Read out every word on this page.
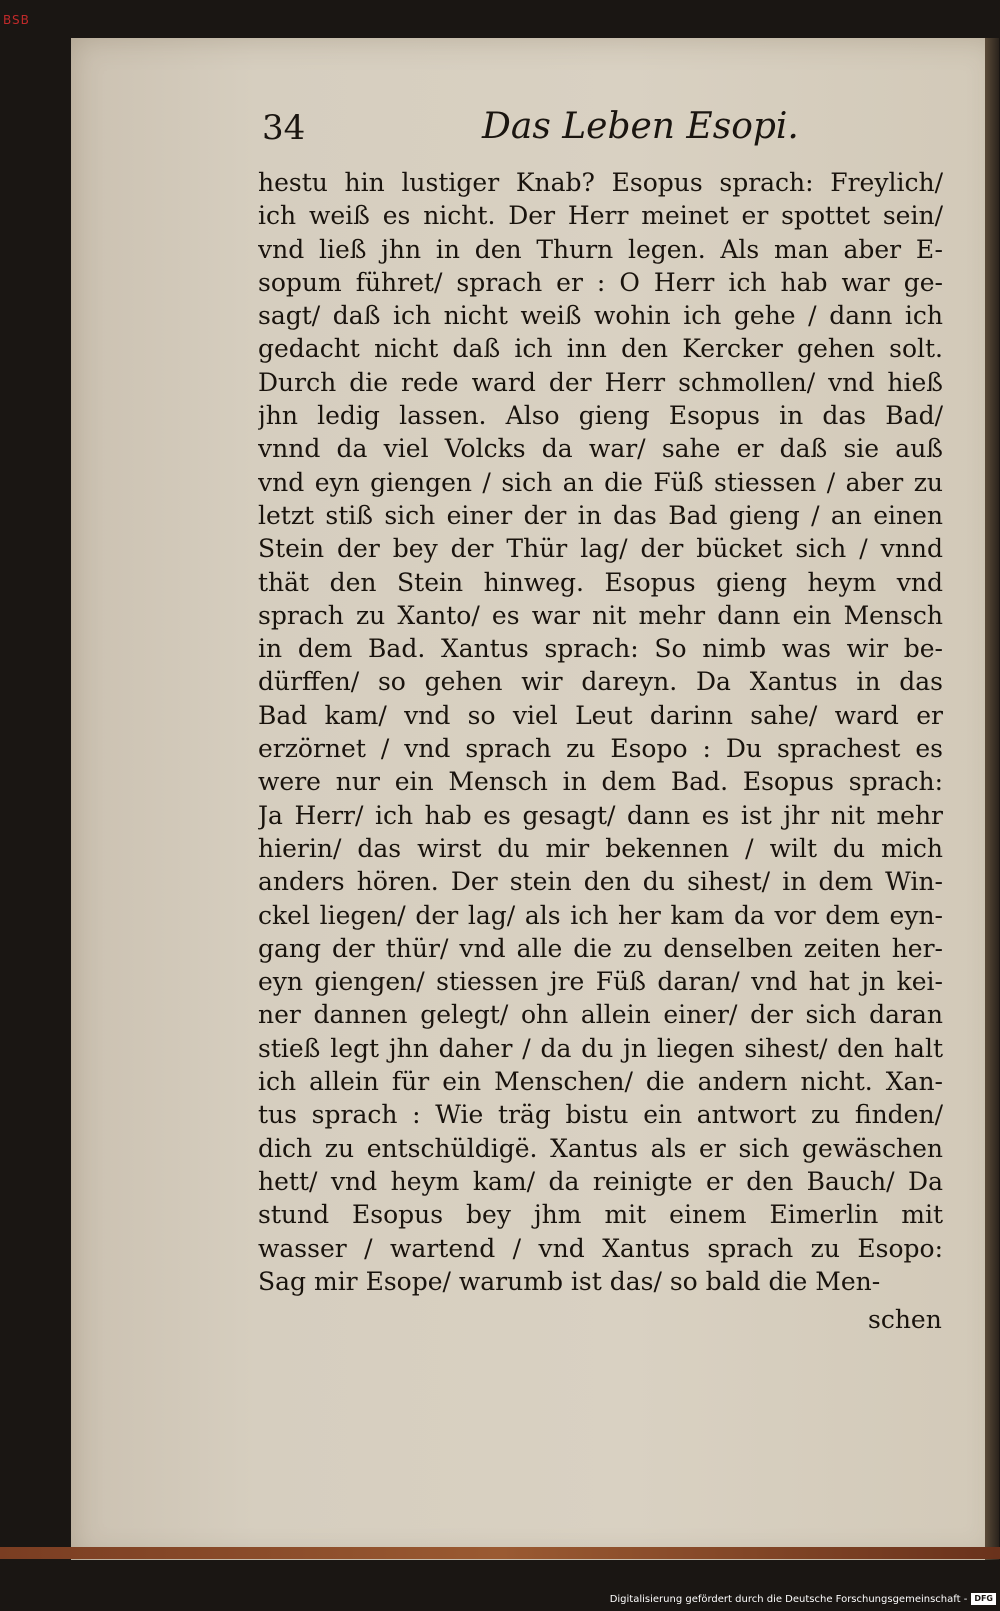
BSB
34	Das Leben Esopi.
hestu hin lustiger Knab? Esopus sprach: Freylich/
ich weiß es nicht. Der Herr meinet er spottet sein/
vnd ließ jhn in den Thurn legen. Als man aber E-
sopum führet/ sprach er : O Herr ich hab war ge-
sagt/ daß ich nicht weiß wohin ich gehe / dann ich
gedacht nicht daß ich inn den Kercker gehen solt.
Durch die rede ward der Herr schmollen/ vnd hieß
jhn ledig lassen. Also gieng Esopus in das Bad/
vnnd da viel Volcks da war/ sahe er daß sie auß
vnd eyn giengen / sich an die Füß stiessen / aber zu
letzt stiß sich einer der in das Bad gieng / an einen
Stein der bey der Thür lag/ der bücket sich / vnnd
thät den Stein hinweg. Esopus gieng heym vnd
sprach zu Xanto/ es war nit mehr dann ein Mensch
in dem Bad. Xantus sprach: So nimb was wir be-
dürffen/ so gehen wir dareyn. Da Xantus in das
Bad kam/ vnd so viel Leut darinn sahe/ ward er
erzörnet / vnd sprach zu Esopo : Du sprachest es
were nur ein Mensch in dem Bad. Esopus sprach:
Ja Herr/ ich hab es gesagt/ dann es ist jhr nit mehr
hierin/ das wirst du mir bekennen / wilt du mich
anders hören. Der stein den du sihest/ in dem Win-
ckel liegen/ der lag/ als ich her kam da vor dem eyn-
gang der thür/ vnd alle die zu denselben zeiten her-
eyn giengen/ stiessen jre Füß daran/ vnd hat jn kei-
ner dannen gelegt/ ohn allein einer/ der sich daran
stieß legt jhn daher / da du jn liegen sihest/ den halt
ich allein für ein Menschen/ die andern nicht. Xan-
tus sprach : Wie träg bistu ein antwort zu finden/
dich zu entschüldigë. Xantus als er sich gewäschen
hett/ vnd heym kam/ da reinigte er den Bauch/ Da
stund Esopus bey jhm mit einem Eimerlin mit
wasser / wartend / vnd Xantus sprach zu Esopo:
Sag mir Esope/ warumb ist das/ so bald die Men-
schen
Digitalisierung gefördert durch die Deutsche Forschungsgemeinschaft - DFG
